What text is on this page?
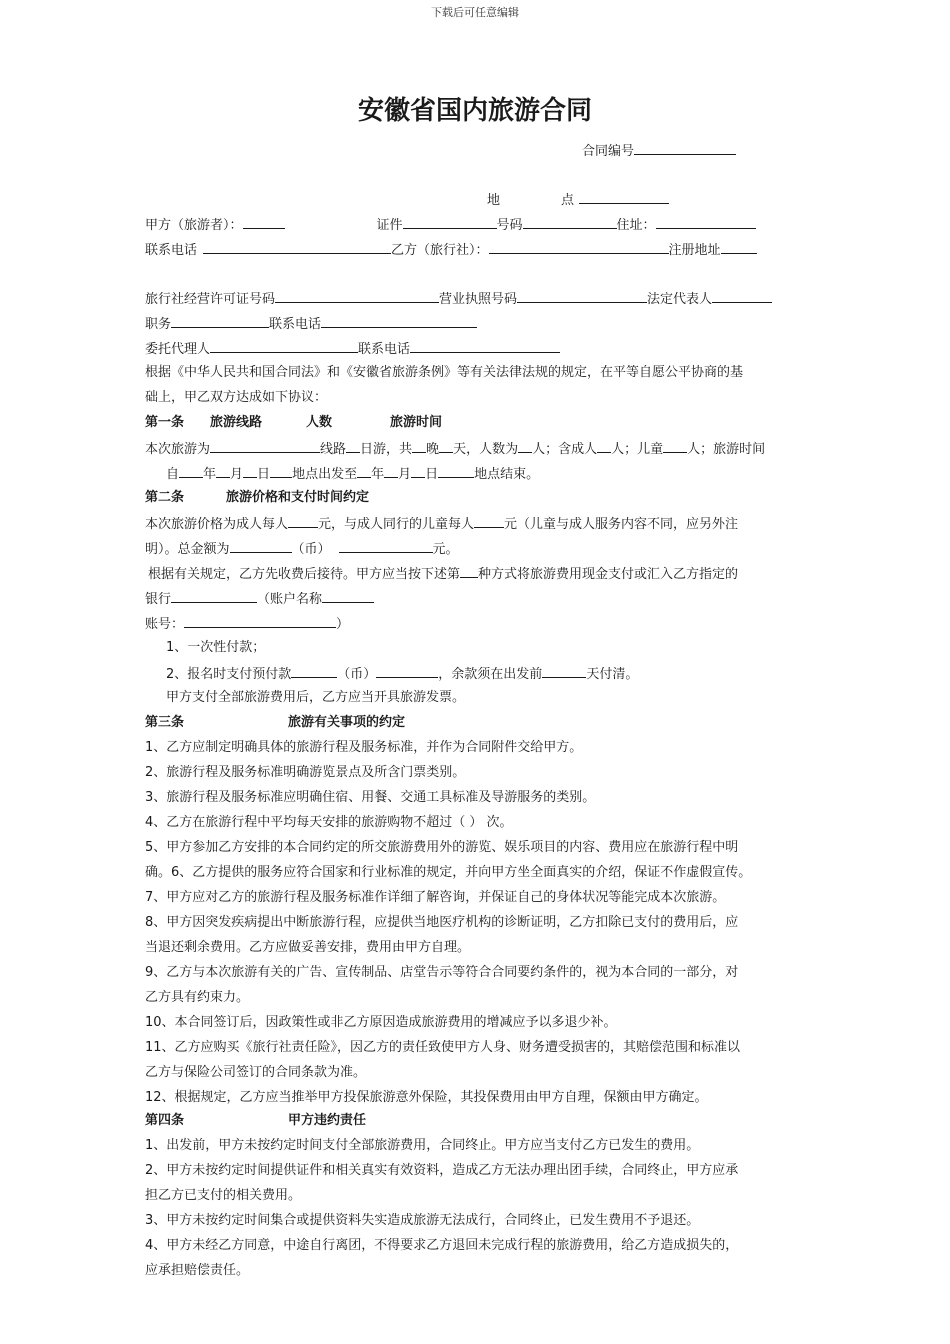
下载后可任意编辑
安徽省国内旅游合同
合同编号
地	点
甲方（旅游者）：	证件	号码	住址：
联系电话	乙方（旅行社）：	注册地址
旅行社经营许可证号码	营业执照号码	法定代表人
职务	联系电话
委托代理人	联系电话
根据《中华人民共和国合同法》和《安徽省旅游条例》等有关法律法规的规定，在平等自愿公平协商的基
础上，甲乙双方达成如下协议：
第一条 旅游线路	人数	旅游时间
本次旅游为	线路 日游，共 晚 天，人数为 人；含成人 人；儿童 人；旅游时间
自 年 月 日 地点出发至 年 月 日	地点结束。
第二条	旅游价格和支付时间约定
本次旅游价格为成人每人 元，与成人同行的儿童每人 元（儿童与成人服务内容不同，应另外注
明）。总金额为	（币）	元。
根据有关规定，乙方先收费后接待。甲方应当按下述第 种方式将旅游费用现金支付或汇入乙方指定的
银行	（账户名称
账号：	）
1、一次性付款；
2、报名时支付预付款	（币）	，余款须在出发前	天付清。
甲方支付全部旅游费用后，乙方应当开具旅游发票。
第三条	旅游有关事项的约定
1、乙方应制定明确具体的旅游行程及服务标准，并作为合同附件交给甲方。
2、旅游行程及服务标准明确游览景点及所含门票类别。
3、旅游行程及服务标准应明确住宿、用餐、交通工具标准及导游服务的类别。
4、乙方在旅游行程中平均每天安排的旅游购物不超过（ ） 次。
5、甲方参加乙方安排的本合同约定的所交旅游费用外的游览、娱乐项目的内容、费用应在旅游行程中明
确。6、乙方提供的服务应符合国家和行业标准的规定，并向甲方坐全面真实的介绍，保证不作虚假宣传。
7、甲方应对乙方的旅游行程及服务标准作详细了解咨询，并保证自己的身体状况等能完成本次旅游。
8、甲方因突发疾病提出中断旅游行程，应提供当地医疗机构的诊断证明，乙方扣除已支付的费用后，应
当退还剩余费用。乙方应做妥善安排，费用由甲方自理。
9、乙方与本次旅游有关的广告、宣传制品、店堂告示等符合合同要约条件的，视为本合同的一部分，对
乙方具有约束力。
10、本合同签订后，因政策性或非乙方原因造成旅游费用的增减应予以多退少补。
11、乙方应购买《旅行社责任险》，因乙方的责任致使甲方人身、财务遭受损害的，其赔偿范围和标准以
乙方与保险公司签订的合同条款为准。
12、根据规定，乙方应当推举甲方投保旅游意外保险，其投保费用由甲方自理，保额由甲方确定。
第四条	甲方违约责任
1、出发前，甲方未按约定时间支付全部旅游费用，合同终止。甲方应当支付乙方已发生的费用。
2、甲方未按约定时间提供证件和相关真实有效资料，造成乙方无法办理出团手续，合同终止，甲方应承
担乙方已支付的相关费用。
3、甲方未按约定时间集合或提供资料失实造成旅游无法成行，合同终止，已发生费用不予退还。
4、甲方未经乙方同意，中途自行离团，不得要求乙方退回未完成行程的旅游费用，给乙方造成损失的，
应承担赔偿责任。
